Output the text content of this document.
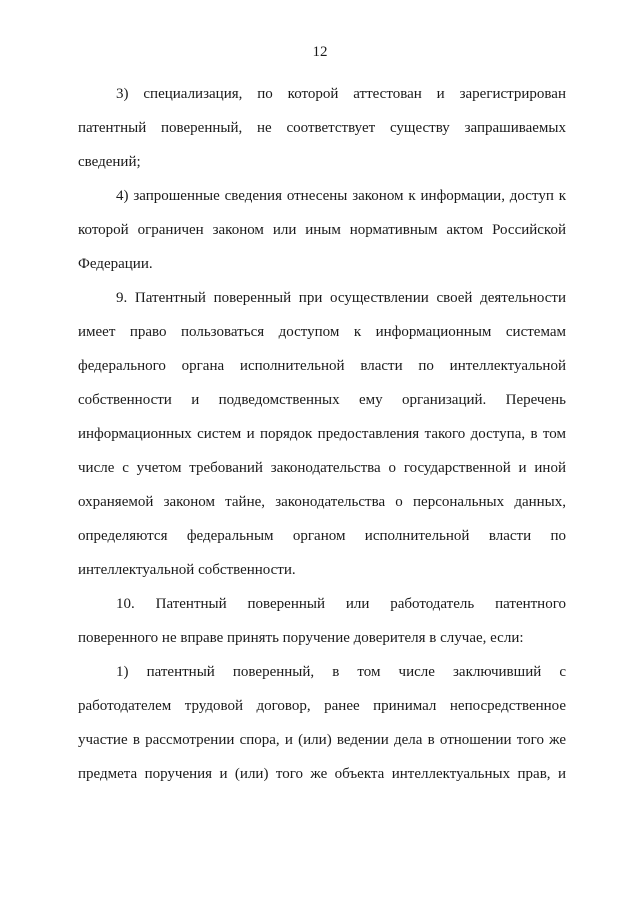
12
3) специализация, по которой аттестован и зарегистрирован
патентный поверенный, не соответствует существу запрашиваемых
сведений;
4) запрошенные сведения отнесены законом к информации, доступ к
которой ограничен законом или иным нормативным актом Российской
Федерации.
9. Патентный поверенный при осуществлении своей деятельности
имеет право пользоваться доступом к информационным системам
федерального органа исполнительной власти по интеллектуальной
собственности и подведомственных ему организаций. Перечень
информационных систем и порядок предоставления такого доступа, в том
числе с учетом требований законодательства о государственной и иной
охраняемой законом тайне, законодательства о персональных данных,
определяются федеральным органом исполнительной власти по
интеллектуальной собственности.
10. Патентный поверенный или работодатель патентного
поверенного не вправе принять поручение доверителя в случае, если:
1) патентный поверенный, в том числе заключивший с
работодателем трудовой договор, ранее принимал непосредственное
участие в рассмотрении спора, и (или) ведении дела в отношении того же
предмета поручения и (или) того же объекта интеллектуальных прав, и
